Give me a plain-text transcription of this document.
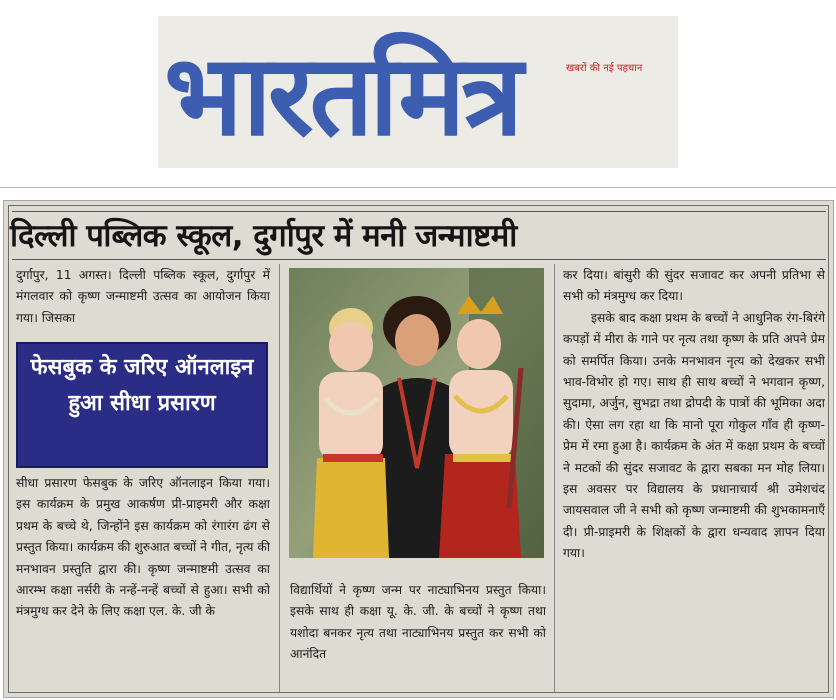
भारतमित्र	खबरों की नई पहचान
दिल्ली पब्लिक स्कूल, दुर्गापुर में मनी जन्माष्टमी

दुर्गापुर, 11 अगस्त। दिल्ली पब्लिक स्कूल, दुर्गापुर में मंगलवार को कृष्ण जन्माष्टमी उत्सव का आयोजन किया गया। जिसका

फेसबुक के जरिए ऑनलाइन हुआ सीधा प्रसारण

सीधा प्रसारण फेसबुक के जरिए ऑनलाइन किया गया। इस कार्यक्रम के प्रमुख आकर्षण प्री-प्राइमरी और कक्षा प्रथम के बच्चे थे, जिन्होंने इस कार्यक्रम को रंगारंग ढंग से प्रस्तुत किया। कार्यक्रम की शुरुआत बच्चों ने गीत, नृत्य की मनभावन प्रस्तुति द्वारा की। कृष्ण जन्माष्टमी उत्सव का आरम्भ कक्षा नर्सरी के नन्हें-नन्हें बच्चों से हुआ। सभी को मंत्रमुग्ध कर देने के लिए कक्षा एल. के. जी के

विद्यार्थियों ने कृष्ण जन्म पर नाट्याभिनय प्रस्तुत किया। इसके साथ ही कक्षा यू. के. जी. के बच्चों ने कृष्ण तथा यशोदा बनकर नृत्य तथा नाट्याभिनय प्रस्तुत कर सभी को आनंदित

कर दिया। बांसुरी की सुंदर सजावट कर अपनी प्रतिभा से सभी को मंत्रमुग्ध कर दिया।

इसके बाद कक्षा प्रथम के बच्चों ने आधुनिक रंग-बिरंगे कपड़ों में मीरा के गाने पर नृत्य तथा कृष्ण के प्रति अपने प्रेम को समर्पित किया। उनके मनभावन नृत्य को देखकर सभी भाव-विभोर हो गए। साथ ही साथ बच्चों ने भगवान कृष्ण, सुदामा, अर्जुन, सुभद्रा तथा द्रोपदी के पात्रों की भूमिका अदा की। ऐसा लग रहा था कि मानो पूरा गोकुल गाँव ही कृष्ण-प्रेम में रमा हुआ है। कार्यक्रम के अंत में कक्षा प्रथम के बच्चों ने मटकों की सुंदर सजावट के द्वारा सबका मन मोह लिया। इस अवसर पर विद्यालय के प्रधानाचार्य श्री उमेशचंद जायसवाल जी ने सभी को कृष्ण जन्माष्टमी की शुभकामनाएँ दी। प्री-प्राइमरी के शिक्षकों के द्वारा धन्यवाद ज्ञापन दिया गया।
